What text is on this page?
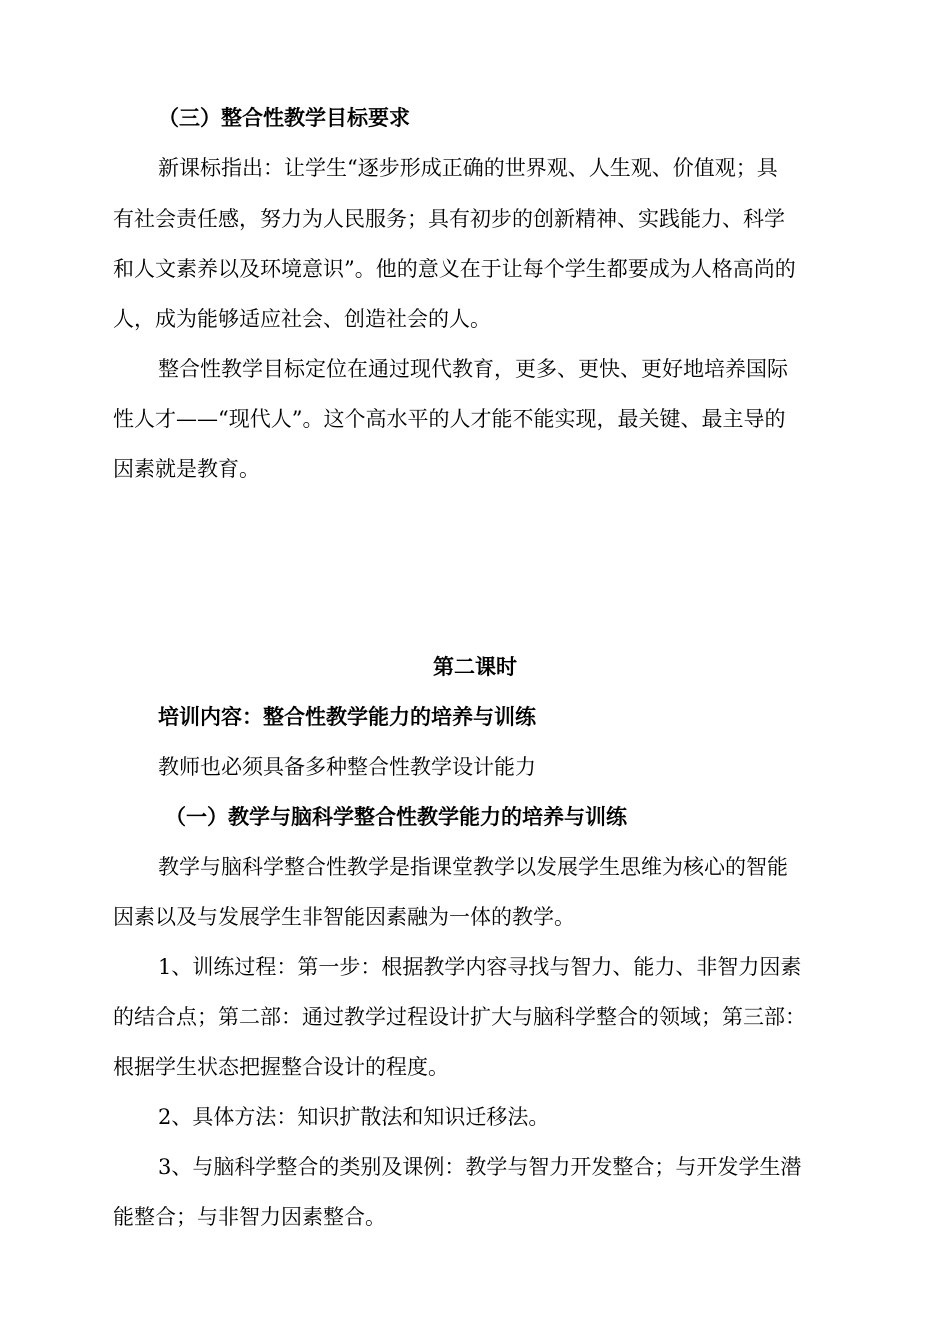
（三）整合性教学目标要求

新课标指出：让学生“逐步形成正确的世界观、人生观、价值观；具

有社会责任感，努力为人民服务；具有初步的创新精神、实践能力、科学

和人文素养以及环境意识”。他的意义在于让每个学生都要成为人格高尚的

人，成为能够适应社会、创造社会的人。

整合性教学目标定位在通过现代教育，更多、更快、更好地培养国际

性人才——“现代人”。这个高水平的人才能不能实现，最关键、最主导的

因素就是教育。

第二课时

培训内容：整合性教学能力的培养与训练

教师也必须具备多种整合性教学设计能力

（一）教学与脑科学整合性教学能力的培养与训练

教学与脑科学整合性教学是指课堂教学以发展学生思维为核心的智能

因素以及与发展学生非智能因素融为一体的教学。

1、训练过程：第一步：根据教学内容寻找与智力、能力、非智力因素

的结合点；第二部：通过教学过程设计扩大与脑科学整合的领域；第三部：

根据学生状态把握整合设计的程度。

2、具体方法：知识扩散法和知识迁移法。

3、与脑科学整合的类别及课例：教学与智力开发整合；与开发学生潜

能整合；与非智力因素整合。
